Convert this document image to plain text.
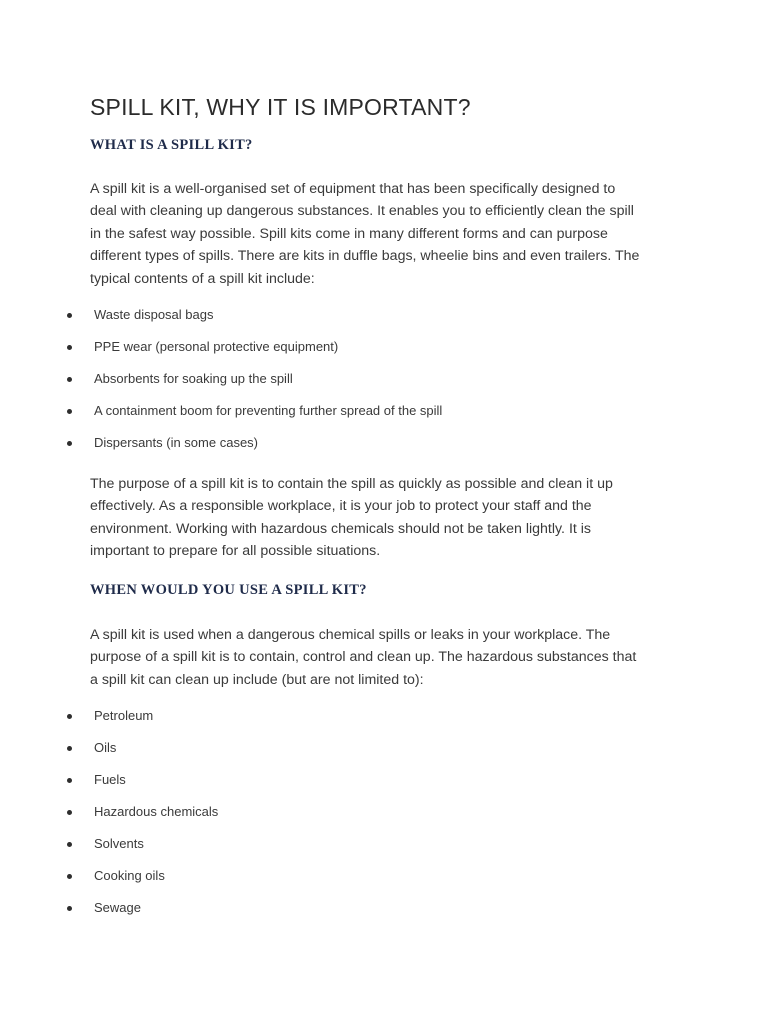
SPILL KIT, WHY IT IS IMPORTANT?
WHAT IS A SPILL KIT?

A spill kit is a well-organised set of equipment that has been specifically designed to
deal with cleaning up dangerous substances. It enables you to efficiently clean the spill
in the safest way possible. Spill kits come in many different forms and can purpose
different types of spills. There are kits in duffle bags, wheelie bins and even trailers. The
typical contents of a spill kit include:

Waste disposal bags
PPE wear (personal protective equipment)
Absorbents for soaking up the spill
A containment boom for preventing further spread of the spill
Dispersants (in some cases)

The purpose of a spill kit is to contain the spill as quickly as possible and clean it up
effectively. As a responsible workplace, it is your job to protect your staff and the
environment. Working with hazardous chemicals should not be taken lightly. It is
important to prepare for all possible situations.

WHEN WOULD YOU USE A SPILL KIT?

A spill kit is used when a dangerous chemical spills or leaks in your workplace. The
purpose of a spill kit is to contain, control and clean up. The hazardous substances that
a spill kit can clean up include (but are not limited to):

Petroleum
Oils
Fuels
Hazardous chemicals
Solvents
Cooking oils
Sewage
